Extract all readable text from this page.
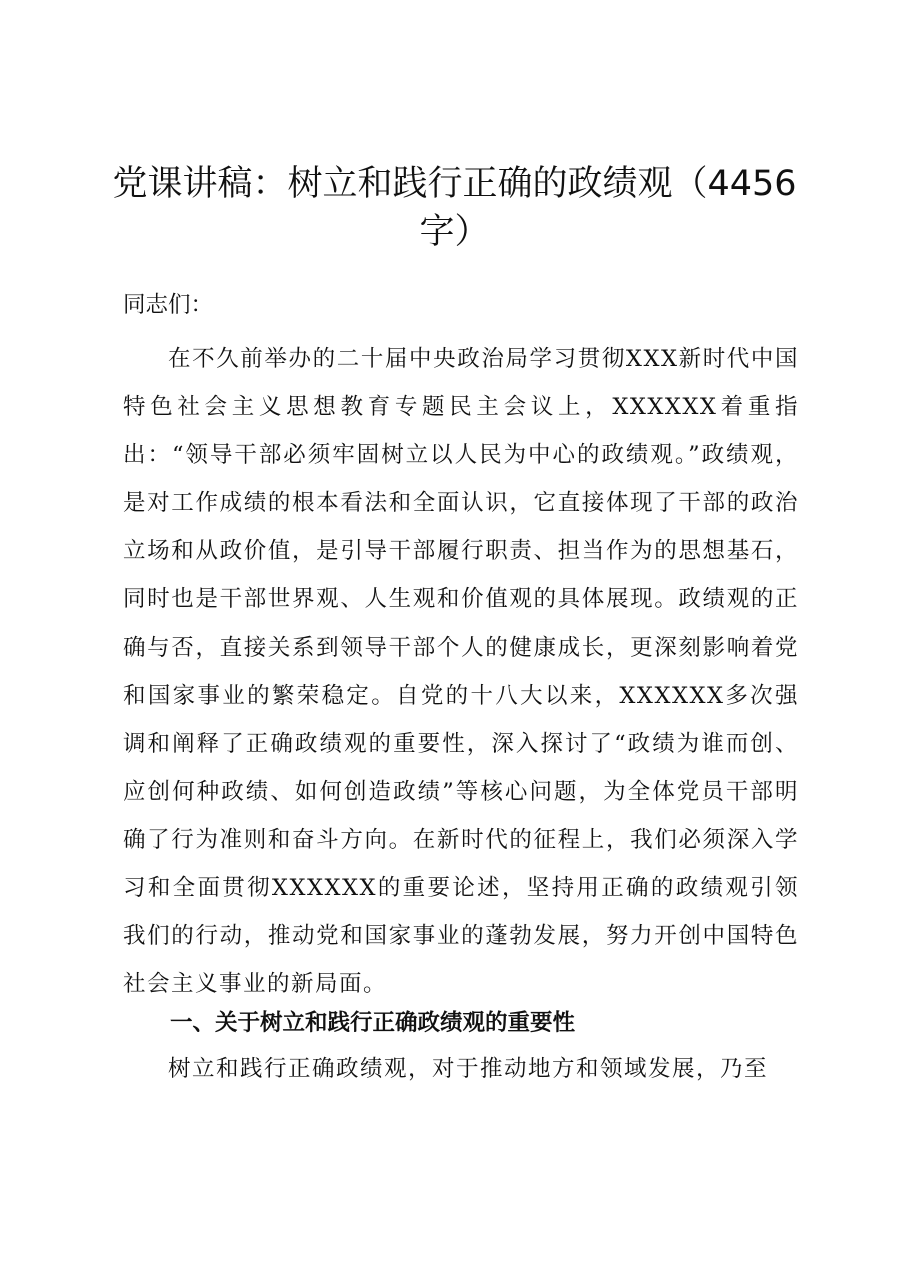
党课讲稿：树立和践行正确的政绩观（4456字）
同志们：
在不久前举办的二十届中央政治局学习贯彻XXX新时代中国特色社会主义思想教育专题民主会议上，XXXXXX着重指出：“领导干部必须牢固树立以人民为中心的政绩观。”政绩观，是对工作成绩的根本看法和全面认识，它直接体现了干部的政治立场和从政价值，是引导干部履行职责、担当作为的思想基石，同时也是干部世界观、人生观和价值观的具体展现。政绩观的正确与否，直接关系到领导干部个人的健康成长，更深刻影响着党和国家事业的繁荣稳定。自党的十八大以来，XXXXXX多次强调和阐释了正确政绩观的重要性，深入探讨了“政绩为谁而创、应创何种政绩、如何创造政绩”等核心问题，为全体党员干部明确了行为准则和奋斗方向。在新时代的征程上，我们必须深入学习和全面贯彻XXXXXX的重要论述，坚持用正确的政绩观引领我们的行动，推动党和国家事业的蓬勃发展，努力开创中国特色社会主义事业的新局面。
一、关于树立和践行正确政绩观的重要性
树立和践行正确政绩观，对于推动地方和领域发展，乃至
